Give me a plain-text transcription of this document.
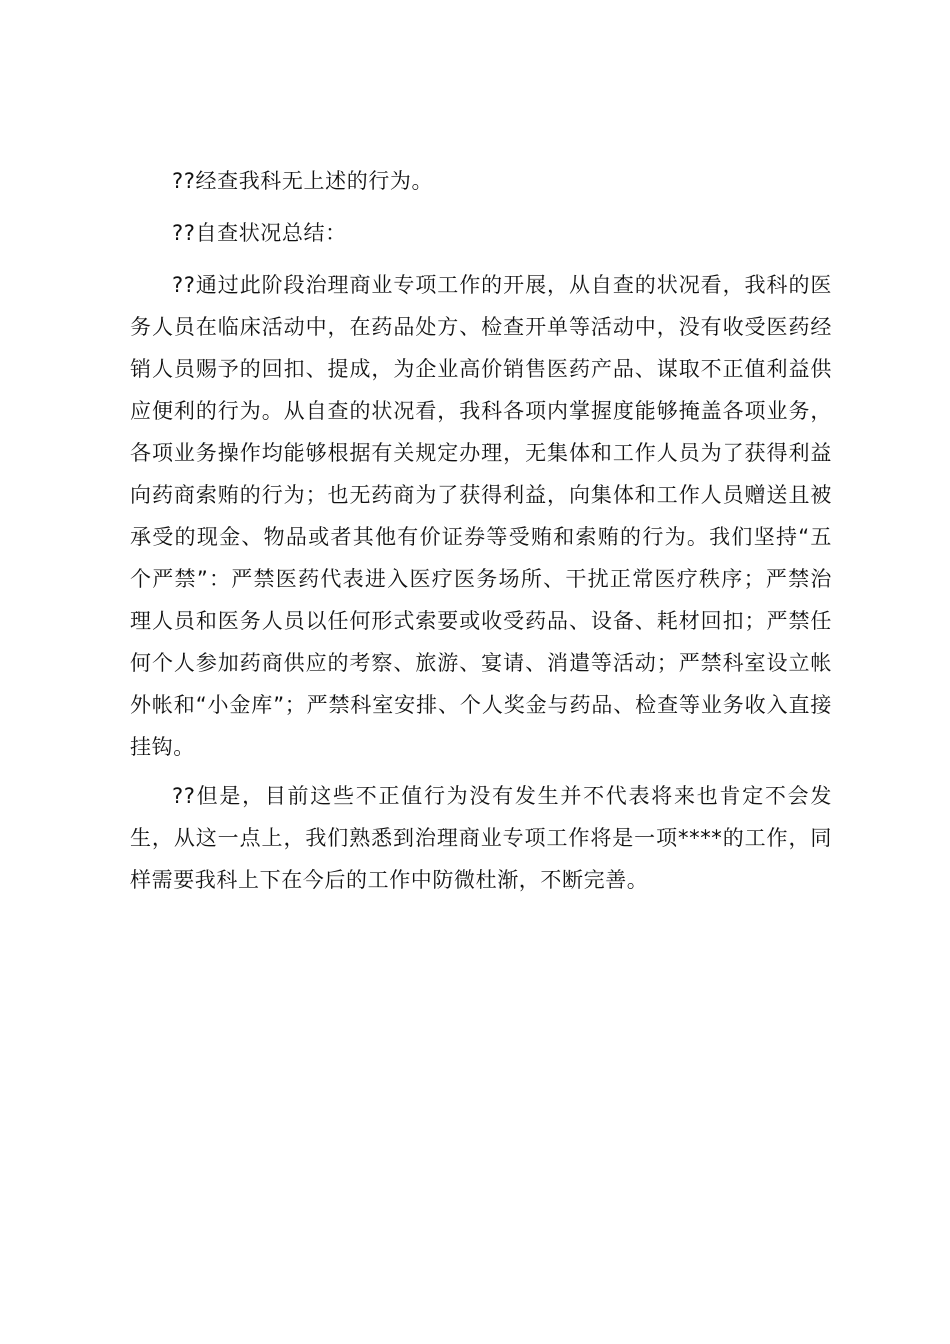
??经查我科无上述的行为。

??自查状况总结：

??通过此阶段治理商业专项工作的开展，从自查的状况看，我科的医务人员在临床活动中，在药品处方、检查开单等活动中，没有收受医药经销人员赐予的回扣、提成，为企业高价销售医药产品、谋取不正值利益供应便利的行为。从自查的状况看，我科各项内掌握度能够掩盖各项业务，各项业务操作均能够根据有关规定办理，无集体和工作人员为了获得利益向药商索贿的行为；也无药商为了获得利益，向集体和工作人员赠送且被承受的现金、物品或者其他有价证券等受贿和索贿的行为。我们坚持“五个严禁”：严禁医药代表进入医疗医务场所、干扰正常医疗秩序；严禁治理人员和医务人员以任何形式索要或收受药品、设备、耗材回扣；严禁任何个人参加药商供应的考察、旅游、宴请、消遣等活动；严禁科室设立帐外帐和“小金库”；严禁科室安排、个人奖金与药品、检查等业务收入直接挂钩。

??但是，目前这些不正值行为没有发生并不代表将来也肯定不会发生，从这一点上，我们熟悉到治理商业专项工作将是一项****的工作，同样需要我科上下在今后的工作中防微杜渐，不断完善。
